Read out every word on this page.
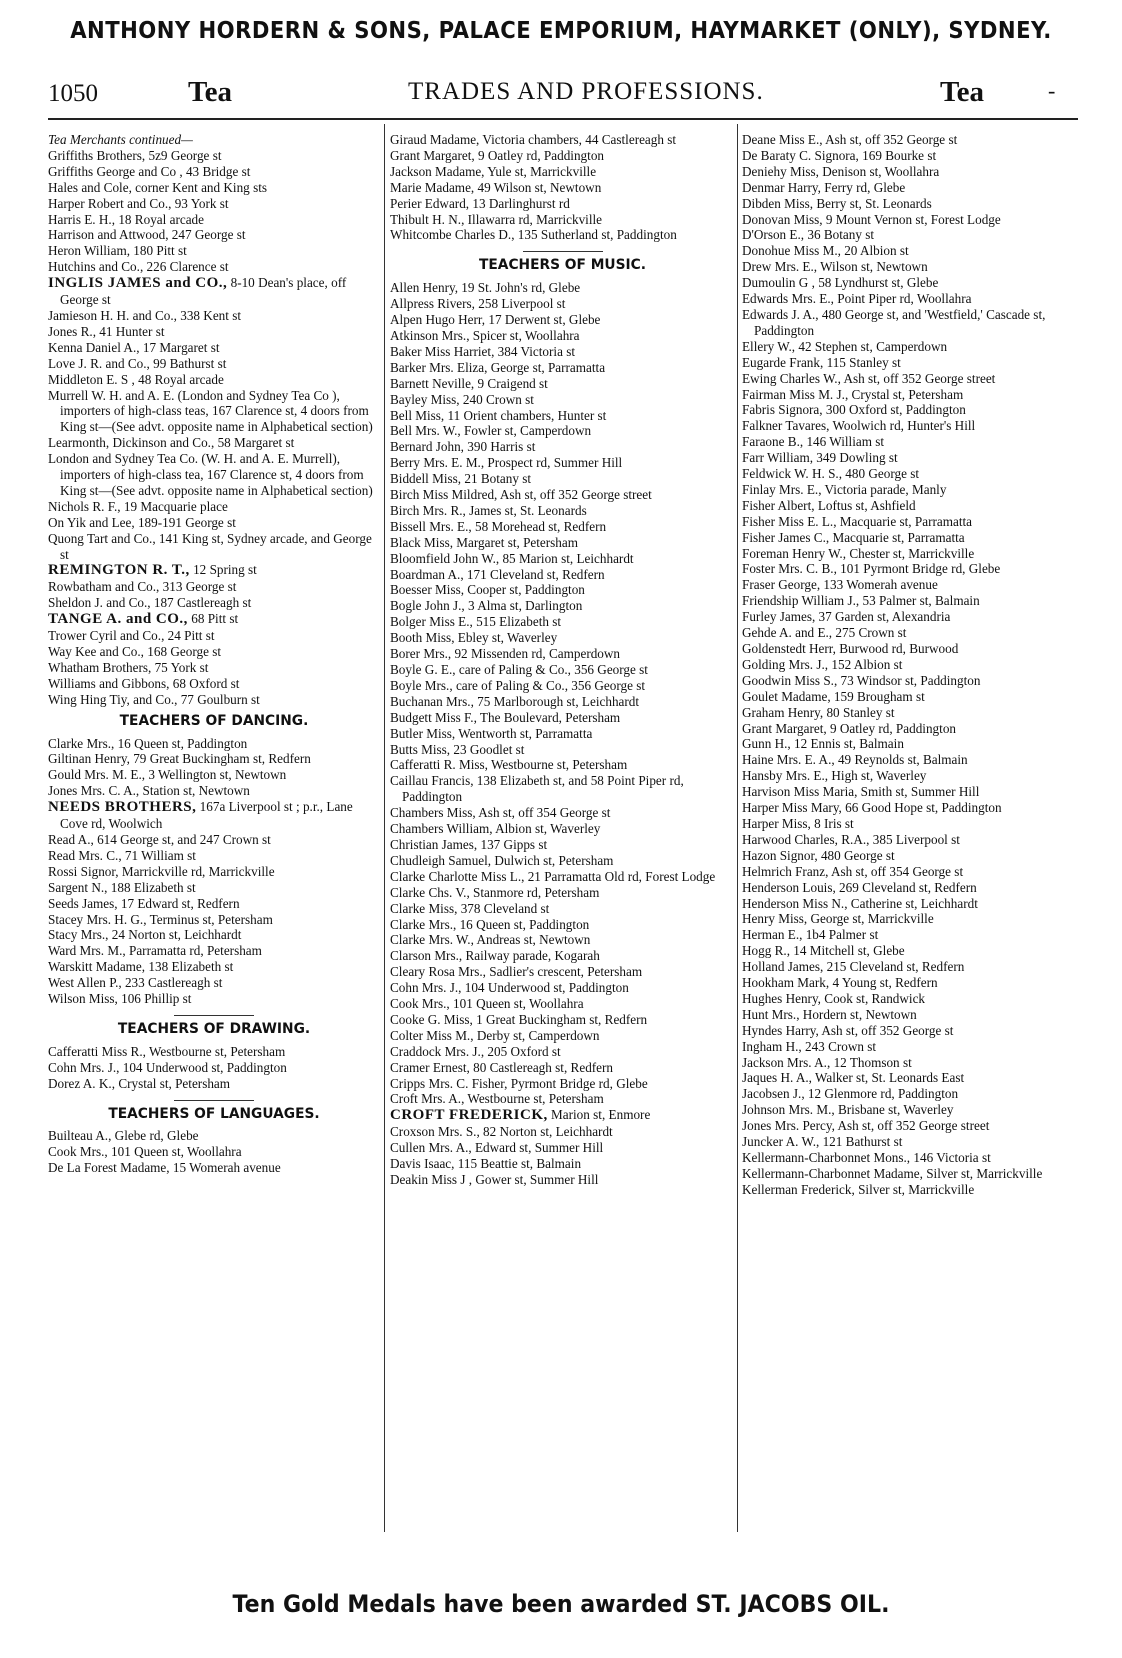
ANTHONY HORDERN & SONS, PALACE EMPORIUM, HAYMARKET (ONLY), SYDNEY.
1050	Tea	TRADES AND PROFESSIONS.	Tea	-

Tea Merchants continued—

Griffiths Brothers, 5z9 George st

Griffiths George and Co , 43 Bridge st

Hales and Cole, corner Kent and King sts

Harper Robert and Co., 93 York st

Harris E. H., 18 Royal arcade

Harrison and Attwood, 247 George st

Heron William, 180 Pitt st

Hutchins and Co., 226 Clarence st

INGLIS JAMES and CO., 8-10 Dean's place, off George st

Jamieson H. H. and Co., 338 Kent st

Jones R., 41 Hunter st

Kenna Daniel A., 17 Margaret st

Love J. R. and Co., 99 Bathurst st

Middleton E. S , 48 Royal arcade

Murrell W. H. and A. E. (London and Sydney Tea Co ), importers of high-class teas, 167 Clarence st, 4 doors from King st—(See advt. opposite name in Alphabetical section)

Learmonth, Dickinson and Co., 58 Margaret st

London and Sydney Tea Co. (W. H. and A. E. Murrell), importers of high-class tea, 167 Clarence st, 4 doors from King st—(See advt. opposite name in Alphabetical section)

Nichols R. F., 19 Macquarie place

On Yik and Lee, 189-191 George st

Quong Tart and Co., 141 King st, Sydney arcade, and George st

REMINGTON R. T., 12 Spring st

Rowbatham and Co., 313 George st

Sheldon J. and Co., 187 Castlereagh st

TANGE A. and CO., 68 Pitt st

Trower Cyril and Co., 24 Pitt st

Way Kee and Co., 168 George st

Whatham Brothers, 75 York st

Williams and Gibbons, 68 Oxford st

Wing Hing Tiy, and Co., 77 Goulburn st

TEACHERS OF DANCING.

Clarke Mrs., 16 Queen st, Paddington

Giltinan Henry, 79 Great Buckingham st, Redfern

Gould Mrs. M. E., 3 Wellington st, Newtown

Jones Mrs. C. A., Station st, Newtown

NEEDS BROTHERS, 167a Liverpool st ; p.r., Lane Cove rd, Woolwich

Read A., 614 George st, and 247 Crown st

Read Mrs. C., 71 William st

Rossi Signor, Marrickville rd, Marrickville

Sargent N., 188 Elizabeth st

Seeds James, 17 Edward st, Redfern

Stacey Mrs. H. G., Terminus st, Petersham

Stacy Mrs., 24 Norton st, Leichhardt

Ward Mrs. M., Parramatta rd, Petersham

Warskitt Madame, 138 Elizabeth st

West Allen P., 233 Castlereagh st

Wilson Miss, 106 Phillip st

TEACHERS OF DRAWING.

Cafferatti Miss R., Westbourne st, Petersham

Cohn Mrs. J., 104 Underwood st, Paddington

Dorez A. K., Crystal st, Petersham

TEACHERS OF LANGUAGES.

Builteau A., Glebe rd, Glebe

Cook Mrs., 101 Queen st, Woollahra

De La Forest Madame, 15 Womerah avenue

Giraud Madame, Victoria chambers, 44 Castlereagh st

Grant Margaret, 9 Oatley rd, Paddington

Jackson Madame, Yule st, Marrickville

Marie Madame, 49 Wilson st, Newtown

Perier Edward, 13 Darlinghurst rd

Thibult H. N., Illawarra rd, Marrickville

Whitcombe Charles D., 135 Sutherland st, Paddington

TEACHERS OF MUSIC.

Allen Henry, 19 St. John's rd, Glebe

Allpress Rivers, 258 Liverpool st

Alpen Hugo Herr, 17 Derwent st, Glebe

Atkinson Mrs., Spicer st, Woollahra

Baker Miss Harriet, 384 Victoria st

Barker Mrs. Eliza, George st, Parramatta

Barnett Neville, 9 Craigend st

Bayley Miss, 240 Crown st

Bell Miss, 11 Orient chambers, Hunter st

Bell Mrs. W., Fowler st, Camperdown

Bernard John, 390 Harris st

Berry Mrs. E. M., Prospect rd, Summer Hill

Biddell Miss, 21 Botany st

Birch Miss Mildred, Ash st, off 352 George street

Birch Mrs. R., James st, St. Leonards

Bissell Mrs. E., 58 Morehead st, Redfern

Black Miss, Margaret st, Petersham

Bloomfield John W., 85 Marion st, Leichhardt

Boardman A., 171 Cleveland st, Redfern

Boesser Miss, Cooper st, Paddington

Bogle John J., 3 Alma st, Darlington

Bolger Miss E., 515 Elizabeth st

Booth Miss, Ebley st, Waverley

Borer Mrs., 92 Missenden rd, Camperdown

Boyle G. E., care of Paling & Co., 356 George st

Boyle Mrs., care of Paling & Co., 356 George st

Buchanan Mrs., 75 Marlborough st, Leichhardt

Budgett Miss F., The Boulevard, Petersham

Butler Miss, Wentworth st, Parramatta

Butts Miss, 23 Goodlet st

Cafferatti R. Miss, Westbourne st, Petersham

Caillau Francis, 138 Elizabeth st, and 58 Point Piper rd, Paddington

Chambers Miss, Ash st, off 354 George st

Chambers William, Albion st, Waverley

Christian James, 137 Gipps st

Chudleigh Samuel, Dulwich st, Petersham

Clarke Charlotte Miss L., 21 Parramatta Old rd, Forest Lodge

Clarke Chs. V., Stanmore rd, Petersham

Clarke Miss, 378 Cleveland st

Clarke Mrs., 16 Queen st, Paddington

Clarke Mrs. W., Andreas st, Newtown

Clarson Mrs., Railway parade, Kogarah

Cleary Rosa Mrs., Sadlier's crescent, Petersham

Cohn Mrs. J., 104 Underwood st, Paddington

Cook Mrs., 101 Queen st, Woollahra

Cooke G. Miss, 1 Great Buckingham st, Redfern

Colter Miss M., Derby st, Camperdown

Craddock Mrs. J., 205 Oxford st

Cramer Ernest, 80 Castlereagh st, Redfern

Cripps Mrs. C. Fisher, Pyrmont Bridge rd, Glebe

Croft Mrs. A., Westbourne st, Petersham

CROFT FREDERICK, Marion st, Enmore

Croxson Mrs. S., 82 Norton st, Leichhardt

Cullen Mrs. A., Edward st, Summer Hill

Davis Isaac, 115 Beattie st, Balmain

Deakin Miss J , Gower st, Summer Hill

Deane Miss E., Ash st, off 352 George st

De Baraty C. Signora, 169 Bourke st

Deniehy Miss, Denison st, Woollahra

Denmar Harry, Ferry rd, Glebe

Dibden Miss, Berry st, St. Leonards

Donovan Miss, 9 Mount Vernon st, Forest Lodge

D'Orson E., 36 Botany st

Donohue Miss M., 20 Albion st

Drew Mrs. E., Wilson st, Newtown

Dumoulin G , 58 Lyndhurst st, Glebe

Edwards Mrs. E., Point Piper rd, Woollahra

Edwards J. A., 480 George st, and 'Westfield,' Cascade st, Paddington

Ellery W., 42 Stephen st, Camperdown

Eugarde Frank, 115 Stanley st

Ewing Charles W., Ash st, off 352 George street

Fairman Miss M. J., Crystal st, Petersham

Fabris Signora, 300 Oxford st, Paddington

Falkner Tavares, Woolwich rd, Hunter's Hill

Faraone B., 146 William st

Farr William, 349 Dowling st

Feldwick W. H. S., 480 George st

Finlay Mrs. E., Victoria parade, Manly

Fisher Albert, Loftus st, Ashfield

Fisher Miss E. L., Macquarie st, Parramatta

Fisher James C., Macquarie st, Parramatta

Foreman Henry W., Chester st, Marrickville

Foster Mrs. C. B., 101 Pyrmont Bridge rd, Glebe

Fraser George, 133 Womerah avenue

Friendship William J., 53 Palmer st, Balmain

Furley James, 37 Garden st, Alexandria

Gehde A. and E., 275 Crown st

Goldenstedt Herr, Burwood rd, Burwood

Golding Mrs. J., 152 Albion st

Goodwin Miss S., 73 Windsor st, Paddington

Goulet Madame, 159 Brougham st

Graham Henry, 80 Stanley st

Grant Margaret, 9 Oatley rd, Paddington

Gunn H., 12 Ennis st, Balmain

Haine Mrs. E. A., 49 Reynolds st, Balmain

Hansby Mrs. E., High st, Waverley

Harvison Miss Maria, Smith st, Summer Hill

Harper Miss Mary, 66 Good Hope st, Paddington

Harper Miss, 8 Iris st

Harwood Charles, R.A., 385 Liverpool st

Hazon Signor, 480 George st

Helmrich Franz, Ash st, off 354 George st

Henderson Louis, 269 Cleveland st, Redfern

Henderson Miss N., Catherine st, Leichhardt

Henry Miss, George st, Marrickville

Herman E., 1b4 Palmer st

Hogg R., 14 Mitchell st, Glebe

Holland James, 215 Cleveland st, Redfern

Hookham Mark, 4 Young st, Redfern

Hughes Henry, Cook st, Randwick

Hunt Mrs., Hordern st, Newtown

Hyndes Harry, Ash st, off 352 George st

Ingham H., 243 Crown st

Jackson Mrs. A., 12 Thomson st

Jaques H. A., Walker st, St. Leonards East

Jacobsen J., 12 Glenmore rd, Paddington

Johnson Mrs. M., Brisbane st, Waverley

Jones Mrs. Percy, Ash st, off 352 George street

Juncker A. W., 121 Bathurst st

Kellermann-Charbonnet Mons., 146 Victoria st

Kellermann-Charbonnet Madame, Silver st, Marrickville

Kellerman Frederick, Silver st, Marrickville

Ten Gold Medals have been awarded ST. JACOBS OIL.
